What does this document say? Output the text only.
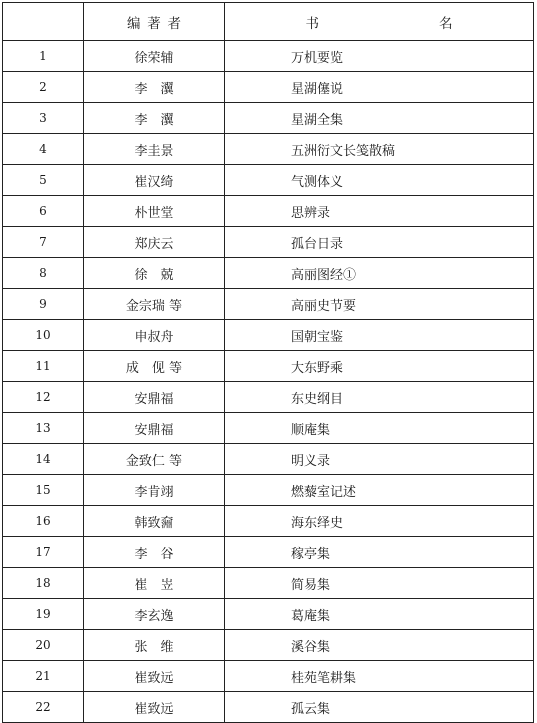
	编著者	书 名
1	徐荣辅	万机要览
2	李　瀷	星湖僿说
3	李　瀷	星湖全集
4	李圭景	五洲衍文长笺散稿
5	崔汉绮	气测体义
6	朴世堂	思辨录
7	郑庆云	孤台日录
8	徐　兢	高丽图经①
9	金宗瑞 等	高丽史节要
10	申叔舟	国朝宝鉴
11	成　伣 等	大东野乘
12	安鼎福	东史纲目
13	安鼎福	顺庵集
14	金致仁 等	明义录
15	李肯翊	燃藜室记述
16	韩致奫	海东绎史
17	李　谷	稼亭集
18	崔　岦	简易集
19	李玄逸	葛庵集
20	张　维	溪谷集
21	崔致远	桂苑笔耕集
22	崔致远	孤云集
